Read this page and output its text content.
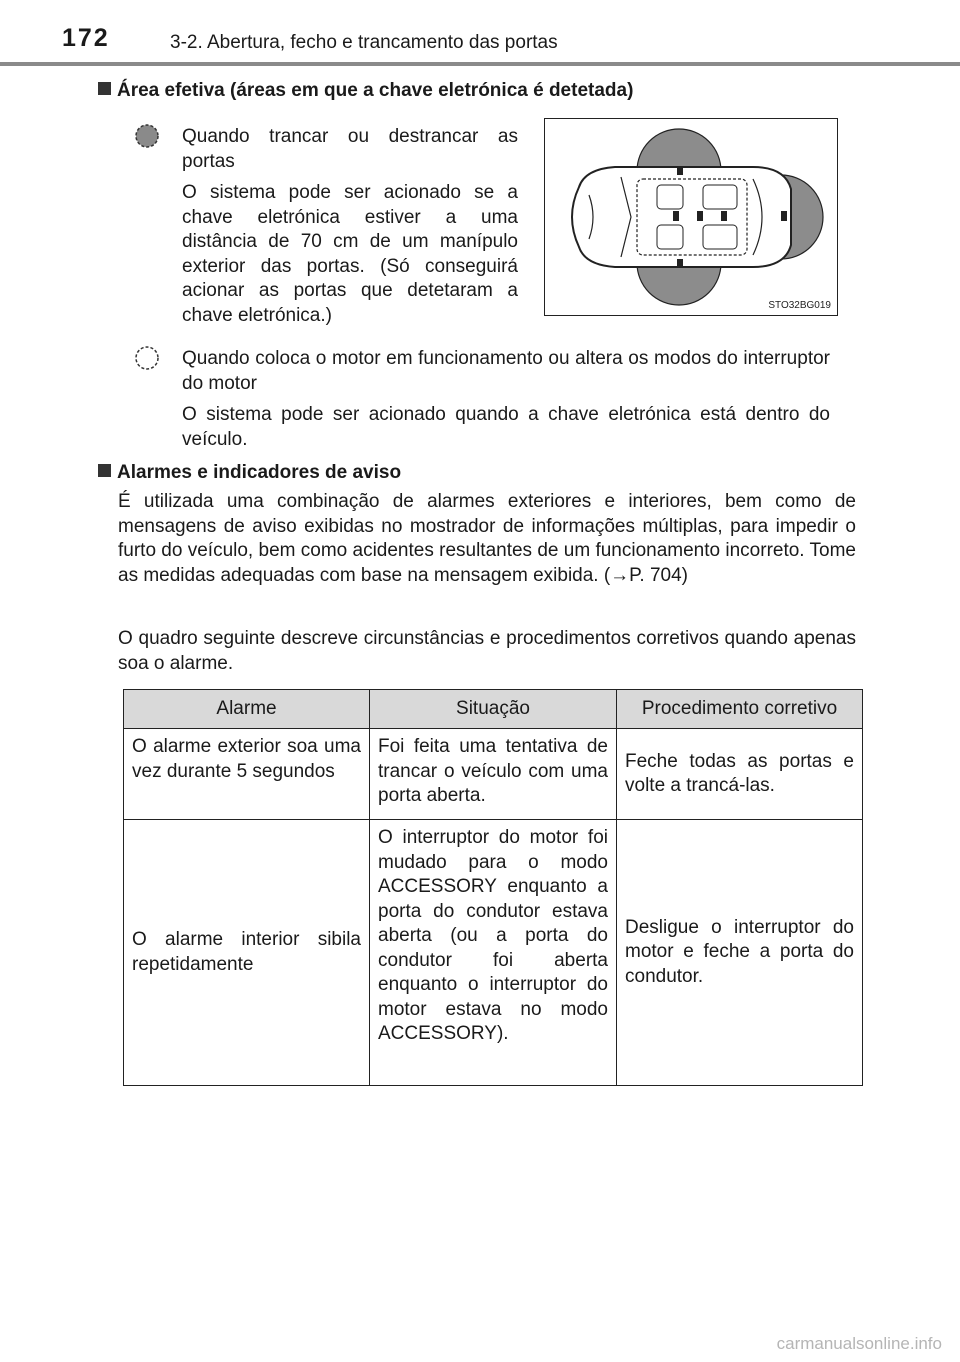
172	3-2. Abertura, fecho e trancamento das portas
Área efetiva (áreas em que a chave eletrónica é detetada)
Quando trancar ou destrancar as portas
O sistema pode ser acionado se a chave eletrónica estiver a uma distância de 70 cm de um manípulo exterior das portas. (Só conseguirá acionar as portas que detetaram a chave eletrónica.)	STO32BG019
Quando coloca o motor em funcionamento ou altera os modos do interruptor do motor
O sistema pode ser acionado quando a chave eletrónica está dentro do veículo.
Alarmes e indicadores de aviso
É utilizada uma combinação de alarmes exteriores e interiores, bem como de mensagens de aviso exibidas no mostrador de informações múltiplas, para impedir o furto do veículo, bem como acidentes resultantes de um funcionamento incorreto. Tome as medidas adequadas com base na mensagem exibida. (→P. 704)
O quadro seguinte descreve circunstâncias e procedimentos corretivos quando apenas soa o alarme.
Alarme	Situação	Procedimento corretivo
O alarme exterior soa uma vez durante 5 segundos	Foi feita uma tentativa de trancar o veículo com uma porta aberta.	Feche todas as portas e volte a trancá-las.
O alarme interior sibila repetidamente	O interruptor do motor foi mudado para o modo ACCESSORY enquanto a porta do condutor estava aberta (ou a porta do condutor foi aberta enquanto o interruptor do motor estava no modo ACCESSORY).	Desligue o interruptor do motor e feche a porta do condutor.
carmanualsonline.info
